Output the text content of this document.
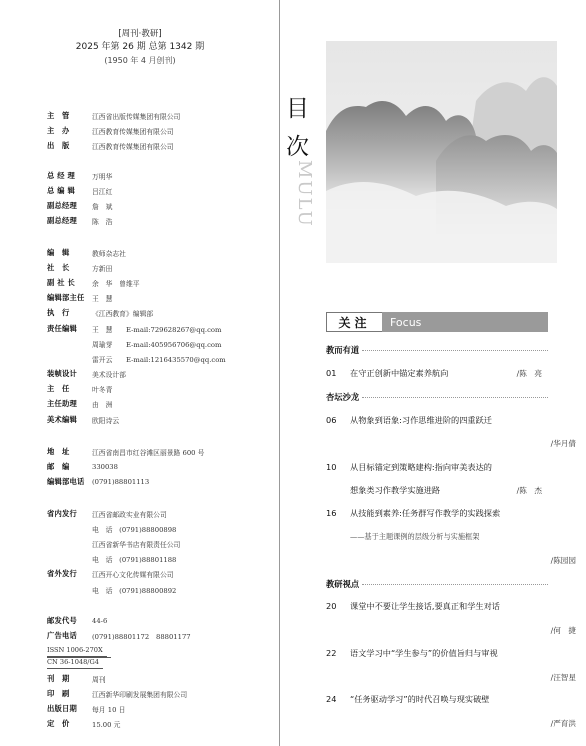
[周刊·教研]
2025 年第 26 期 总第 1342 期
(1950 年 4 月创刊)
主　管	江西省出版传媒集团有限公司
主　办	江西教育传媒集团有限公司
出　版	江西教育传媒集团有限公司
总 经 理	万明华
总 编 辑	吕江红
副总经理	詹　斌
副总经理	陈　浩
编　辑	教师杂志社
社　长	方新田
副 社 长	余　华　曾维平
编辑部主任	王　慧
执　行	《江西教育》编辑部
责任编辑	王　慧　　E-mail:729628267@qq.com
周瑜芽　　E-mail:405956706@qq.com
雷开云　　E-mail:1216435570@qq.com
装帧设计	美术设计部
主　任	叶冬青
主任助理	由　洲
美术编辑	欧阳诗云
地　址	江西省南昌市红谷滩区丽景路 600 号
邮　编	330038
编辑部电话	(0791)88801113
省内发行	江西省邮政实业有限公司
电　话　(0791)88800898
江西省新华书店有限责任公司
电　话　(0791)88801188
省外发行	江西开心文化传媒有限公司
电　话　(0791)88800892
邮发代号	44-6
广告电话	(0791)88801172　88801177
ISSN 1006-270X
CN 36-1048/G4
刊　期	周刊
印　刷	江西新华印刷发展集团有限公司
出版日期	每月 10 日
定　价	15.00 元
目
次
MULU
关注	Focus
教而有道
01	在守正创新中锚定素养航向	/陈　亮
杏坛沙龙
06	从物象到语象:习作思维进阶的四重跃迁
/华月倩
10	从目标锚定到策略建构:指向审美表达的
想象类习作教学实施进路	/陈　杰
16	从技能到素养:任务群写作教学的实践探索
——基于主题课例的层级分析与实施框架
/陈园园
教研视点
20	课堂中不要让学生接话,要真正和学生对话
/何　捷
22	语文学习中“学生参与”的价值旨归与审视
/汪智星
24	“任务驱动学习”的时代召唤与现实破壁
/严育洪
